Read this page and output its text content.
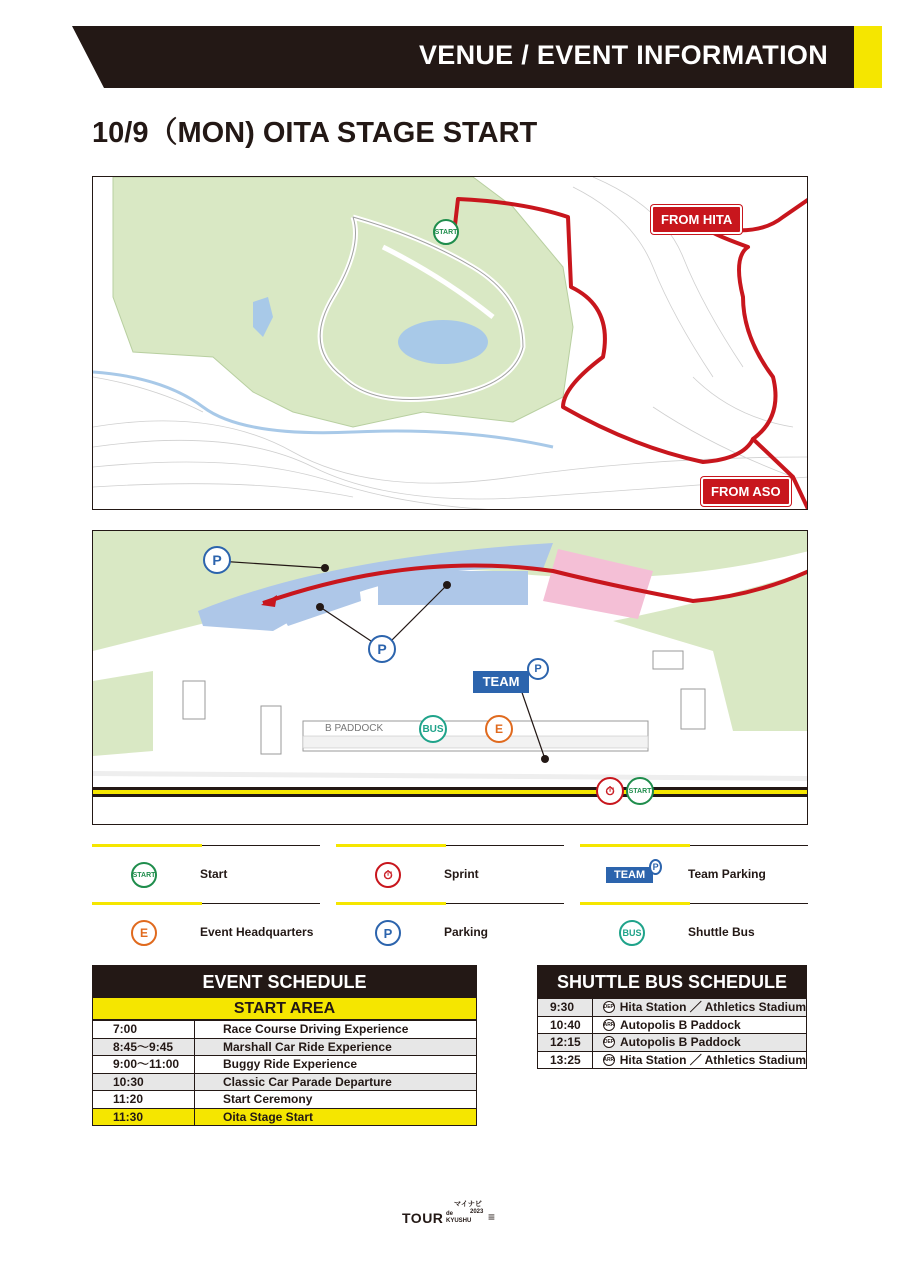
VENUE / EVENT INFORMATION
10/9（MON) OITA STAGE START
START
FROM HITA
FROM ASO
P
P
TEAM
P
B PADDOCK	BUS	E
⏱	START
START	Start	⏱	Sprint	TEAM
P Team Parking
E	Event Headquarters	P	Parking	BUS	Shuttle Bus
EVENT SCHEDULE
START AREA
7:00	Race Course Driving Experience
8:45～9:45	Marshall Car Ride Experience
9:00～11:00	Buggy Ride Experience
10:30	Classic Car Parade Departure
11:20	Start Ceremony
11:30	Oita Stage Start
SHUTTLE BUS SCHEDULE
9:30	DEP Hita Station ／ Athletics Stadium
10:40	ARR Autopolis B Paddock
12:15	DEP Autopolis B Paddock
13:25	ARR Hita Station ／ Athletics Stadium
TOUR de KYUSHU
2023
マイナビ
≡
